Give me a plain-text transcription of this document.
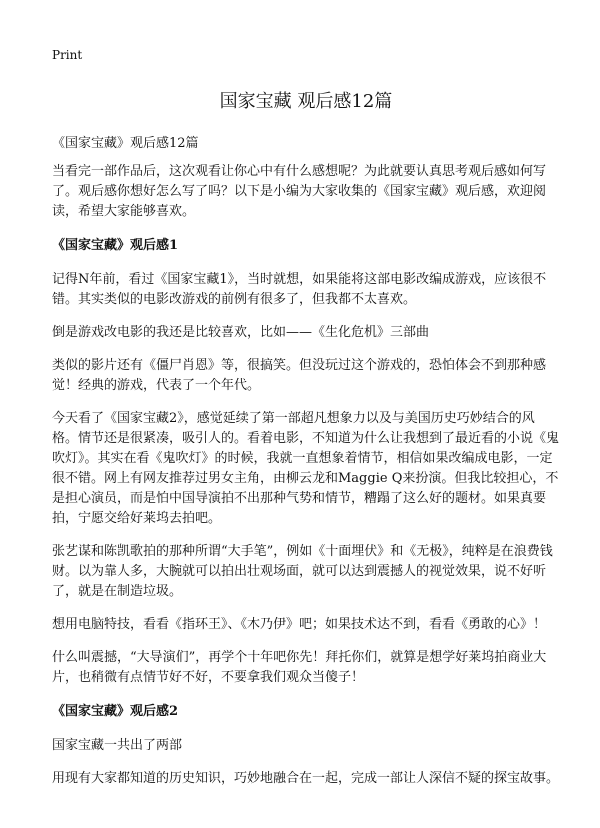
Print
国家宝藏 观后感12篇
《国家宝藏》观后感12篇

当看完一部作品后，这次观看让你心中有什么感想呢？为此就要认真思考观后感如何写了。观后感你想好怎么写了吗？以下是小编为大家收集的《国家宝藏》观后感，欢迎阅读，希望大家能够喜欢。

《国家宝藏》观后感1

记得N年前，看过《国家宝藏1》，当时就想，如果能将这部电影改编成游戏，应该很不错。其实类似的电影改游戏的前例有很多了，但我都不太喜欢。

倒是游戏改电影的我还是比较喜欢，比如——《生化危机》三部曲

类似的影片还有《僵尸肖恩》等，很搞笑。但没玩过这个游戏的，恐怕体会不到那种感觉！经典的游戏，代表了一个年代。

今天看了《国家宝藏2》，感觉延续了第一部超凡想象力以及与美国历史巧妙结合的风格。情节还是很紧凑，吸引人的。看着电影，不知道为什么让我想到了最近看的小说《鬼吹灯》。其实在看《鬼吹灯》的时候，我就一直想象着情节，相信如果改编成电影，一定很不错。网上有网友推荐过男女主角，由柳云龙和Maggie Q来扮演。但我比较担心，不是担心演员，而是怕中国导演拍不出那种气势和情节，糟蹋了这么好的题材。如果真要拍，宁愿交给好莱坞去拍吧。

张艺谋和陈凯歌拍的那种所谓“大手笔”，例如《十面埋伏》和《无极》，纯粹是在浪费钱财。以为靠人多，大腕就可以拍出壮观场面，就可以达到震撼人的视觉效果，说不好听了，就是在制造垃圾。

想用电脑特技，看看《指环王》、《木乃伊》吧；如果技术达不到，看看《勇敢的心》！

什么叫震撼，“大导演们”，再学个十年吧你先！拜托你们，就算是想学好莱坞拍商业大片，也稍微有点情节好不好，不要拿我们观众当傻子！

《国家宝藏》观后感2

国家宝藏一共出了两部

用现有大家都知道的历史知识，巧妙地融合在一起，完成一部让人深信不疑的探宝故事。
